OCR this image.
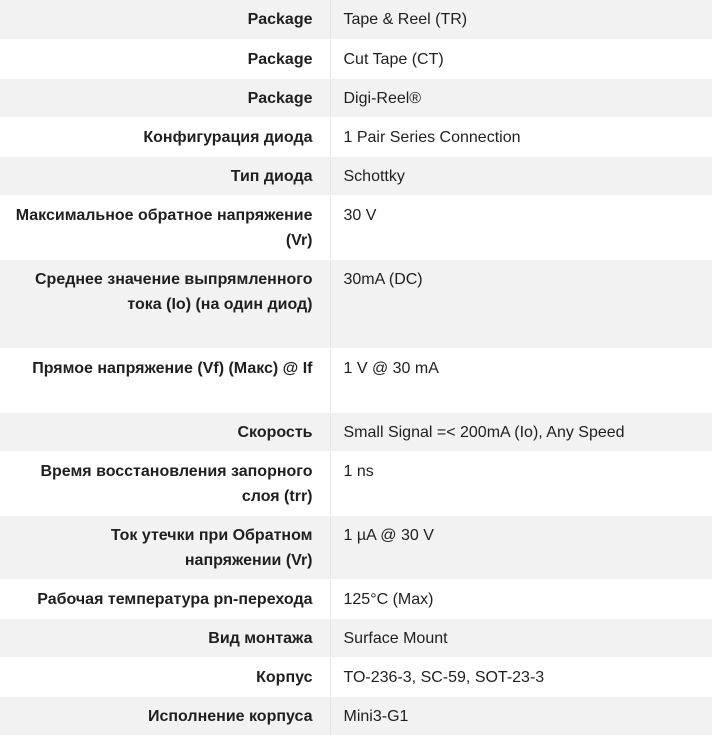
Package	Tape & Reel (TR)
Package	Cut Tape (CT)
Package	Digi-Reel®
Конфигурация диода	1 Pair Series Connection
Тип диода	Schottky
Максимальное обратное напряжение (Vr)	30 V
Среднее значение выпрямленного тока (Io) (на один диод)	30mA (DC)
Прямое напряжение (Vf) (Макс) @ If	1 V @ 30 mA
Скорость	Small Signal =< 200mA (Io), Any Speed
Время восстановления запорного слоя (trr)	1 ns
Ток утечки при Обратном напряжении (Vr)	1 µA @ 30 V
Рабочая температура pn-перехода	125°C (Max)
Вид монтажа	Surface Mount
Корпус	TO-236-3, SC-59, SOT-23-3
Исполнение корпуса	Mini3-G1
